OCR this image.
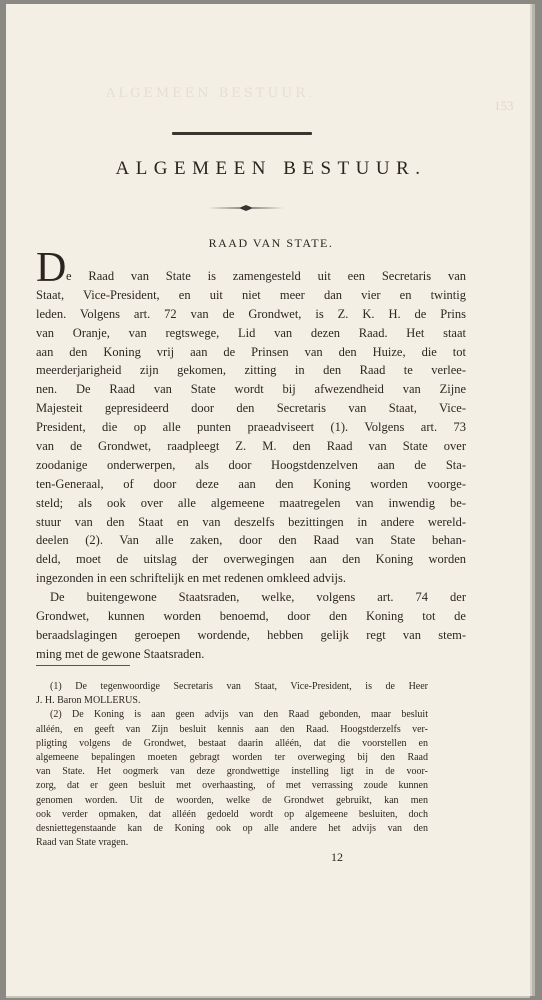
ALGEMEEN BESTUUR.
153
ALGEMEEN BESTUUR.
RAAD VAN STATE.
D e Raad van State is zamengesteld uit een Secretaris van
Staat, Vice-President, en uit niet meer dan vier en twintig
leden. Volgens art. 72 van de Grondwet, is Z. K. H. de Prins
van Oranje, van regtswege, Lid van dezen Raad. Het staat
aan den Koning vrij aan de Prinsen van den Huize, die tot
meerderjarigheid zijn gekomen, zitting in den Raad te verlee-
nen. De Raad van State wordt bij afwezendheid van Zijne
Majesteit gepresideerd door den Secretaris van Staat, Vice-
President, die op alle punten praeadviseert (1). Volgens art. 73
van de Grondwet, raadpleegt Z. M. den Raad van State over
zoodanige onderwerpen, als door Hoogstdenzelven aan de Sta-
ten-Generaal, of door deze aan den Koning worden voorge-
steld; als ook over alle algemeene maatregelen van inwendig be-
stuur van den Staat en van deszelfs bezittingen in andere wereld-
deelen (2). Van alle zaken, door den Raad van State behan-
deld, moet de uitslag der overwegingen aan den Koning worden
ingezonden in een schriftelijk en met redenen omkleed advijs.
De buitengewone Staatsraden, welke, volgens art. 74 der
Grondwet, kunnen worden benoemd, door den Koning tot de
beraadslagingen geroepen wordende, hebben gelijk regt van stem-
ming met de gewone Staatsraden.
(1) De tegenwoordige Secretaris van Staat, Vice-President, is de Heer
J. H. Baron MOLLERUS.
(2) De Koning is aan geen advijs van den Raad gebonden, maar besluit
alléén, en geeft van Zijn besluit kennis aan den Raad. Hoogstderzelfs ver-
pligting volgens de Grondwet, bestaat daarin alléén, dat die voorstellen en
algemeene bepalingen moeten gebragt worden ter overweging bij den Raad
van State. Het oogmerk van deze grondwettige instelling ligt in de voor-
zorg, dat er geen besluit met overhaasting, of met verrassing zoude kunnen
genomen worden. Uit de woorden, welke de Grondwet gebruikt, kan men
ook verder opmaken, dat alléén gedoeld wordt op algemeene besluiten, doch
desniettegenstaande kan de Koning ook op alle andere het advijs van den
Raad van State vragen.
12
